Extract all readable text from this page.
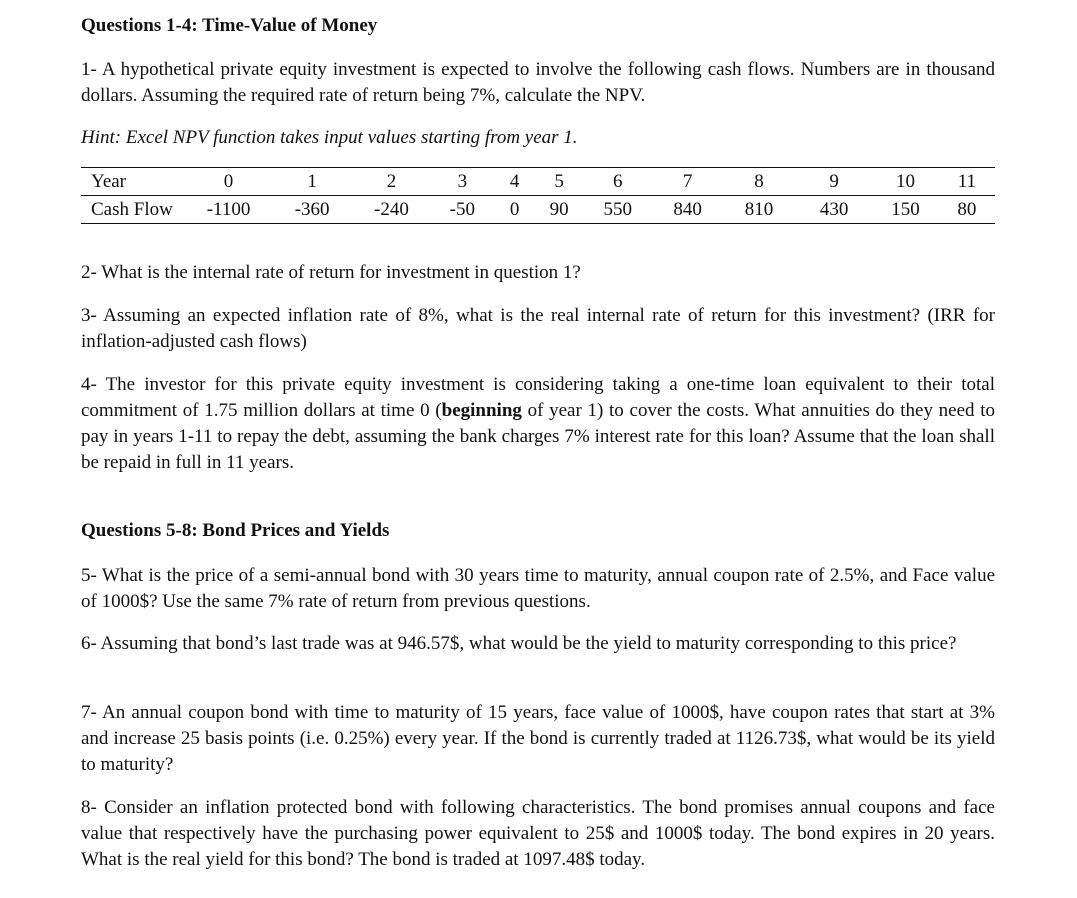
Questions 1-4: Time-Value of Money

1- A hypothetical private equity investment is expected to involve the following cash flows. Numbers are in thousand dollars. Assuming the required rate of return being 7%, calculate the NPV.

Hint: Excel NPV function takes input values starting from year 1.

Year	0	1	2	3	4	5	6	7	8	9	10	11
Cash Flow	-1100	-360	-240	-50	0	90	550	840	810	430	150	80

2- What is the internal rate of return for investment in question 1?

3- Assuming an expected inflation rate of 8%, what is the real internal rate of return for this investment? (IRR for inflation-adjusted cash flows)

4- The investor for this private equity investment is considering taking a one-time loan equivalent to their total commitment of 1.75 million dollars at time 0 (beginning of year 1) to cover the costs. What annuities do they need to pay in years 1-11 to repay the debt, assuming the bank charges 7% interest rate for this loan? Assume that the loan shall be repaid in full in 11 years.

Questions 5-8: Bond Prices and Yields

5- What is the price of a semi-annual bond with 30 years time to maturity, annual coupon rate of 2.5%, and Face value of 1000$? Use the same 7% rate of return from previous questions.

6- Assuming that bond’s last trade was at 946.57$, what would be the yield to maturity corresponding to this price?

7- An annual coupon bond with time to maturity of 15 years, face value of 1000$, have coupon rates that start at 3% and increase 25 basis points (i.e. 0.25%) every year. If the bond is currently traded at 1126.73$, what would be its yield to maturity?

8- Consider an inflation protected bond with following characteristics. The bond promises annual coupons and face value that respectively have the purchasing power equivalent to 25$ and 1000$ today. The bond expires in 20 years. What is the real yield for this bond? The bond is traded at 1097.48$ today.
